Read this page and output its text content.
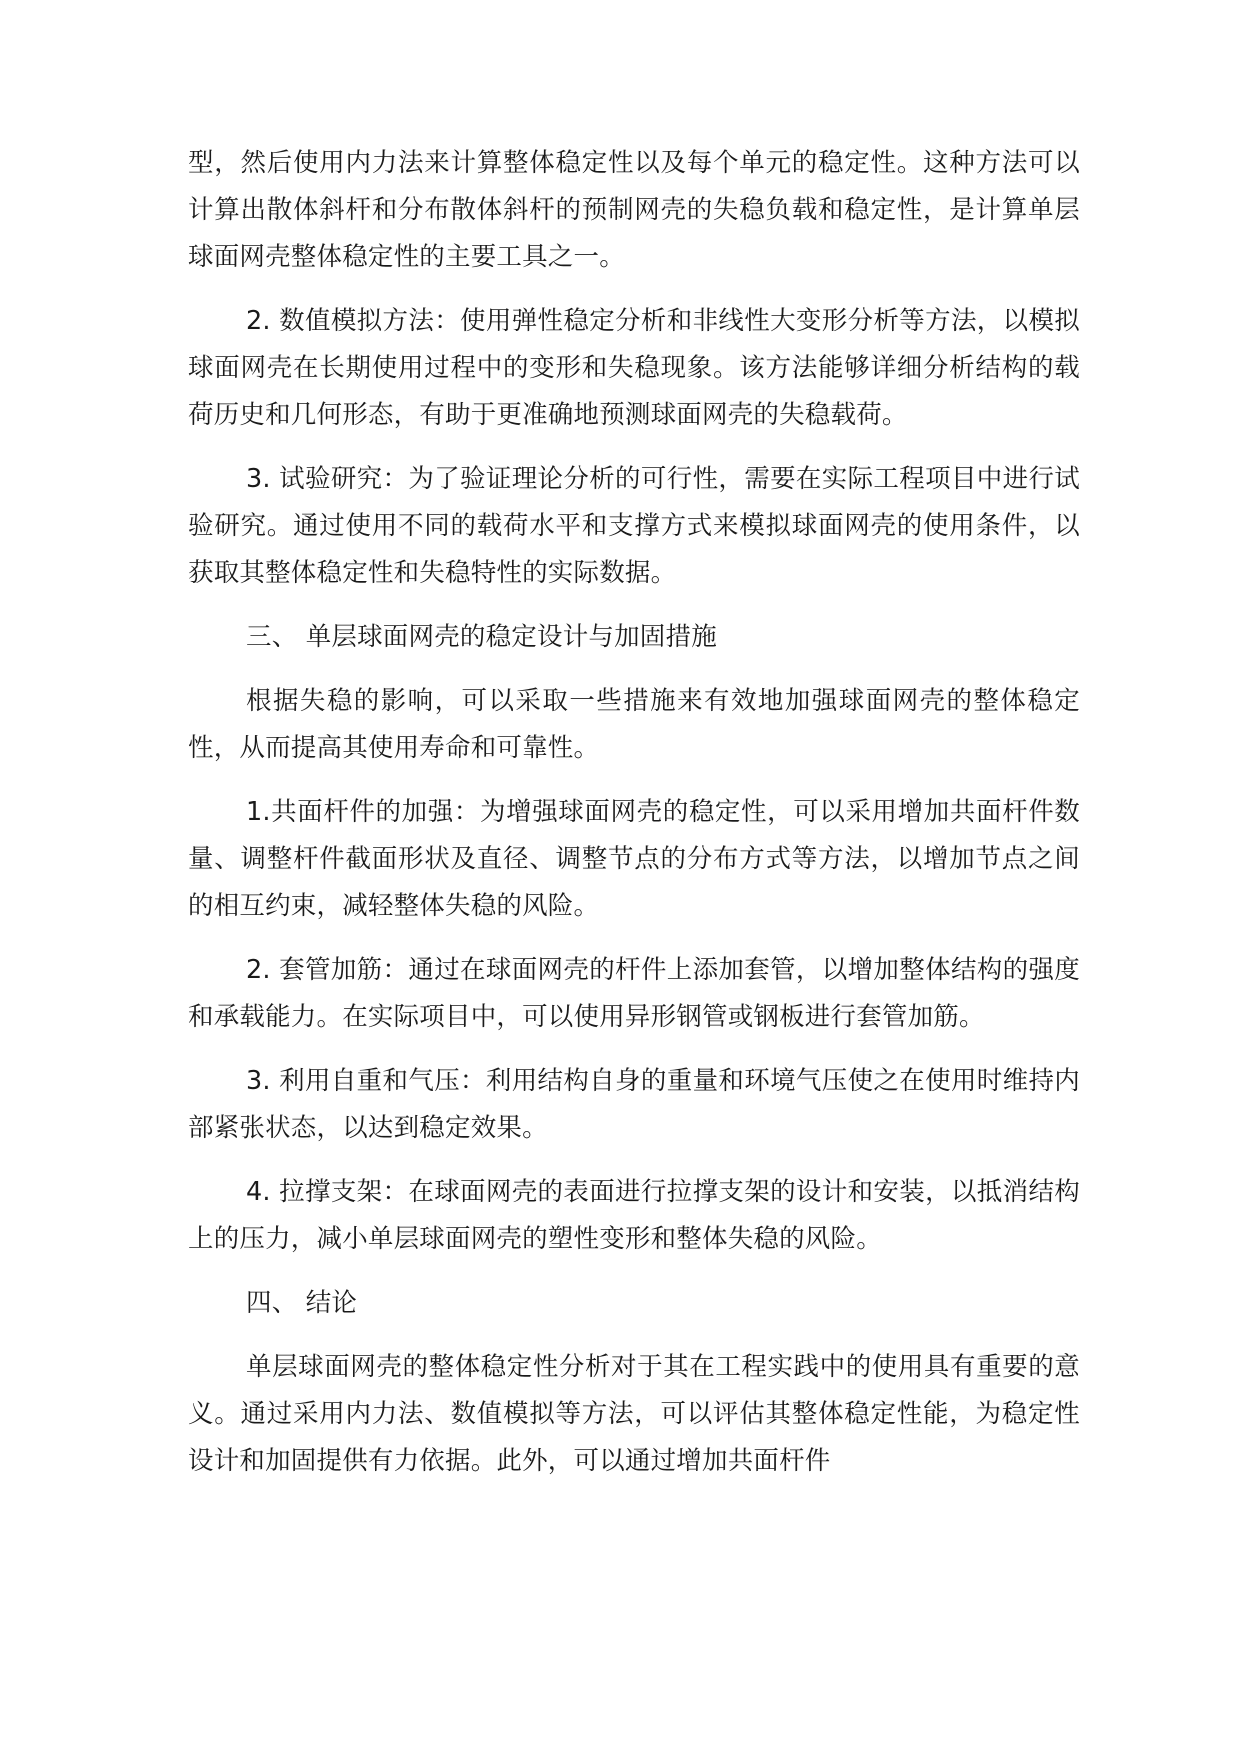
型，然后使用内力法来计算整体稳定性以及每个单元的稳定性。这种方法可以计算出散体斜杆和分布散体斜杆的预制网壳的失稳负载和稳定性，是计算单层球面网壳整体稳定性的主要工具之一。

2. 数值模拟方法：使用弹性稳定分析和非线性大变形分析等方法，以模拟球面网壳在长期使用过程中的变形和失稳现象。该方法能够详细分析结构的载荷历史和几何形态，有助于更准确地预测球面网壳的失稳载荷。

3. 试验研究：为了验证理论分析的可行性，需要在实际工程项目中进行试验研究。通过使用不同的载荷水平和支撑方式来模拟球面网壳的使用条件，以获取其整体稳定性和失稳特性的实际数据。

三、 单层球面网壳的稳定设计与加固措施

根据失稳的影响，可以采取一些措施来有效地加强球面网壳的整体稳定性，从而提高其使用寿命和可靠性。

1.共面杆件的加强：为增强球面网壳的稳定性，可以采用增加共面杆件数量、调整杆件截面形状及直径、调整节点的分布方式等方法，以增加节点之间的相互约束，减轻整体失稳的风险。

2. 套管加筋：通过在球面网壳的杆件上添加套管，以增加整体结构的强度和承载能力。在实际项目中，可以使用异形钢管或钢板进行套管加筋。

3. 利用自重和气压：利用结构自身的重量和环境气压使之在使用时维持内部紧张状态，以达到稳定效果。

4. 拉撑支架：在球面网壳的表面进行拉撑支架的设计和安装，以抵消结构上的压力，减小单层球面网壳的塑性变形和整体失稳的风险。

四、 结论

单层球面网壳的整体稳定性分析对于其在工程实践中的使用具有重要的意义。通过采用内力法、数值模拟等方法，可以评估其整体稳定性能，为稳定性设计和加固提供有力依据。此外，可以通过增加共面杆件
